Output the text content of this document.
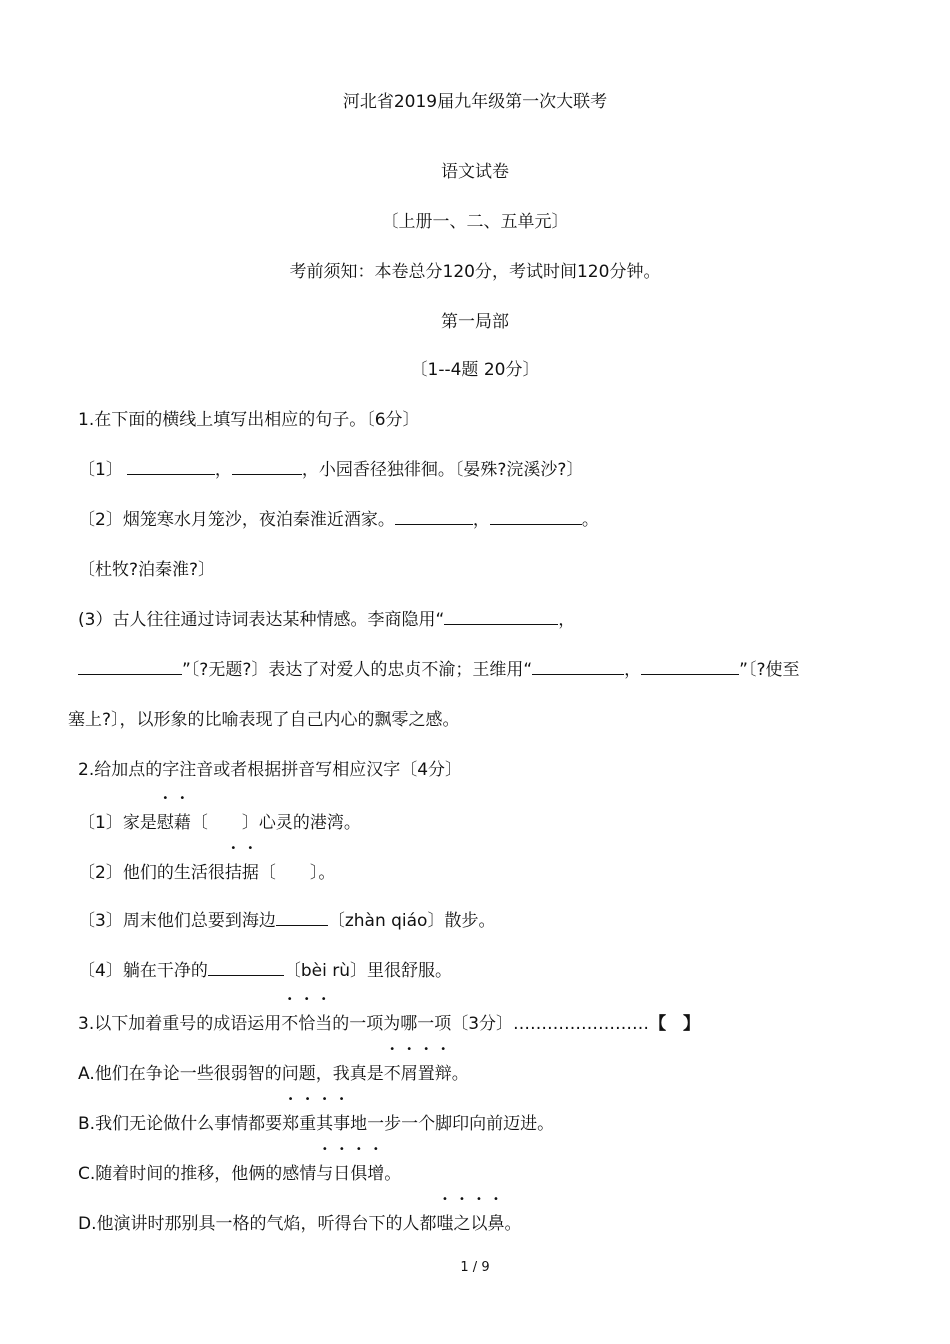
河北省2019届九年级第一次大联考
语文试卷
〔上册一、二、五单元〕
考前须知：本卷总分120分，考试时间120分钟。
第一局部
〔1--4题 20分〕
1.在下面的横线上填写出相应的句子。〔6分〕
〔1〕	，	，小园香径独徘徊。〔晏殊?浣溪沙?〕
〔2〕烟笼寒水月笼沙，夜泊秦淮近酒家。	，	。
〔杜牧?泊秦淮?〕
(3）古人往往通过诗词表达某种情感。李商隐用“	，
”〔?无题?〕表达了对爱人的忠贞不渝；王维用“	，	”〔?使至
塞上?〕，以形象的比喻表现了自己内心的飘零之感。
2.给加点的字注音或者根据拼音写相应汉字〔4分〕
〔1〕家是慰藉〔　　〕心灵的港湾。
〔2〕他们的生活很拮据〔　　〕。
〔3〕周末他们总要到海边	〔zhàn qiáo〕散步。
〔4〕躺在干净的	〔bèi rù〕里很舒服。
3.以下加着重号的成语运用不恰当的一项为哪一项〔3分〕……………………【　】
A.他们在争论一些很弱智的问题，我真是不屑置辩。
B.我们无论做什么事情都要郑重其事地一步一个脚印向前迈进。
C.随着时间的推移，他俩的感情与日俱增。
D.他演讲时那别具一格的气焰，听得台下的人都嗤之以鼻。
1 / 9
